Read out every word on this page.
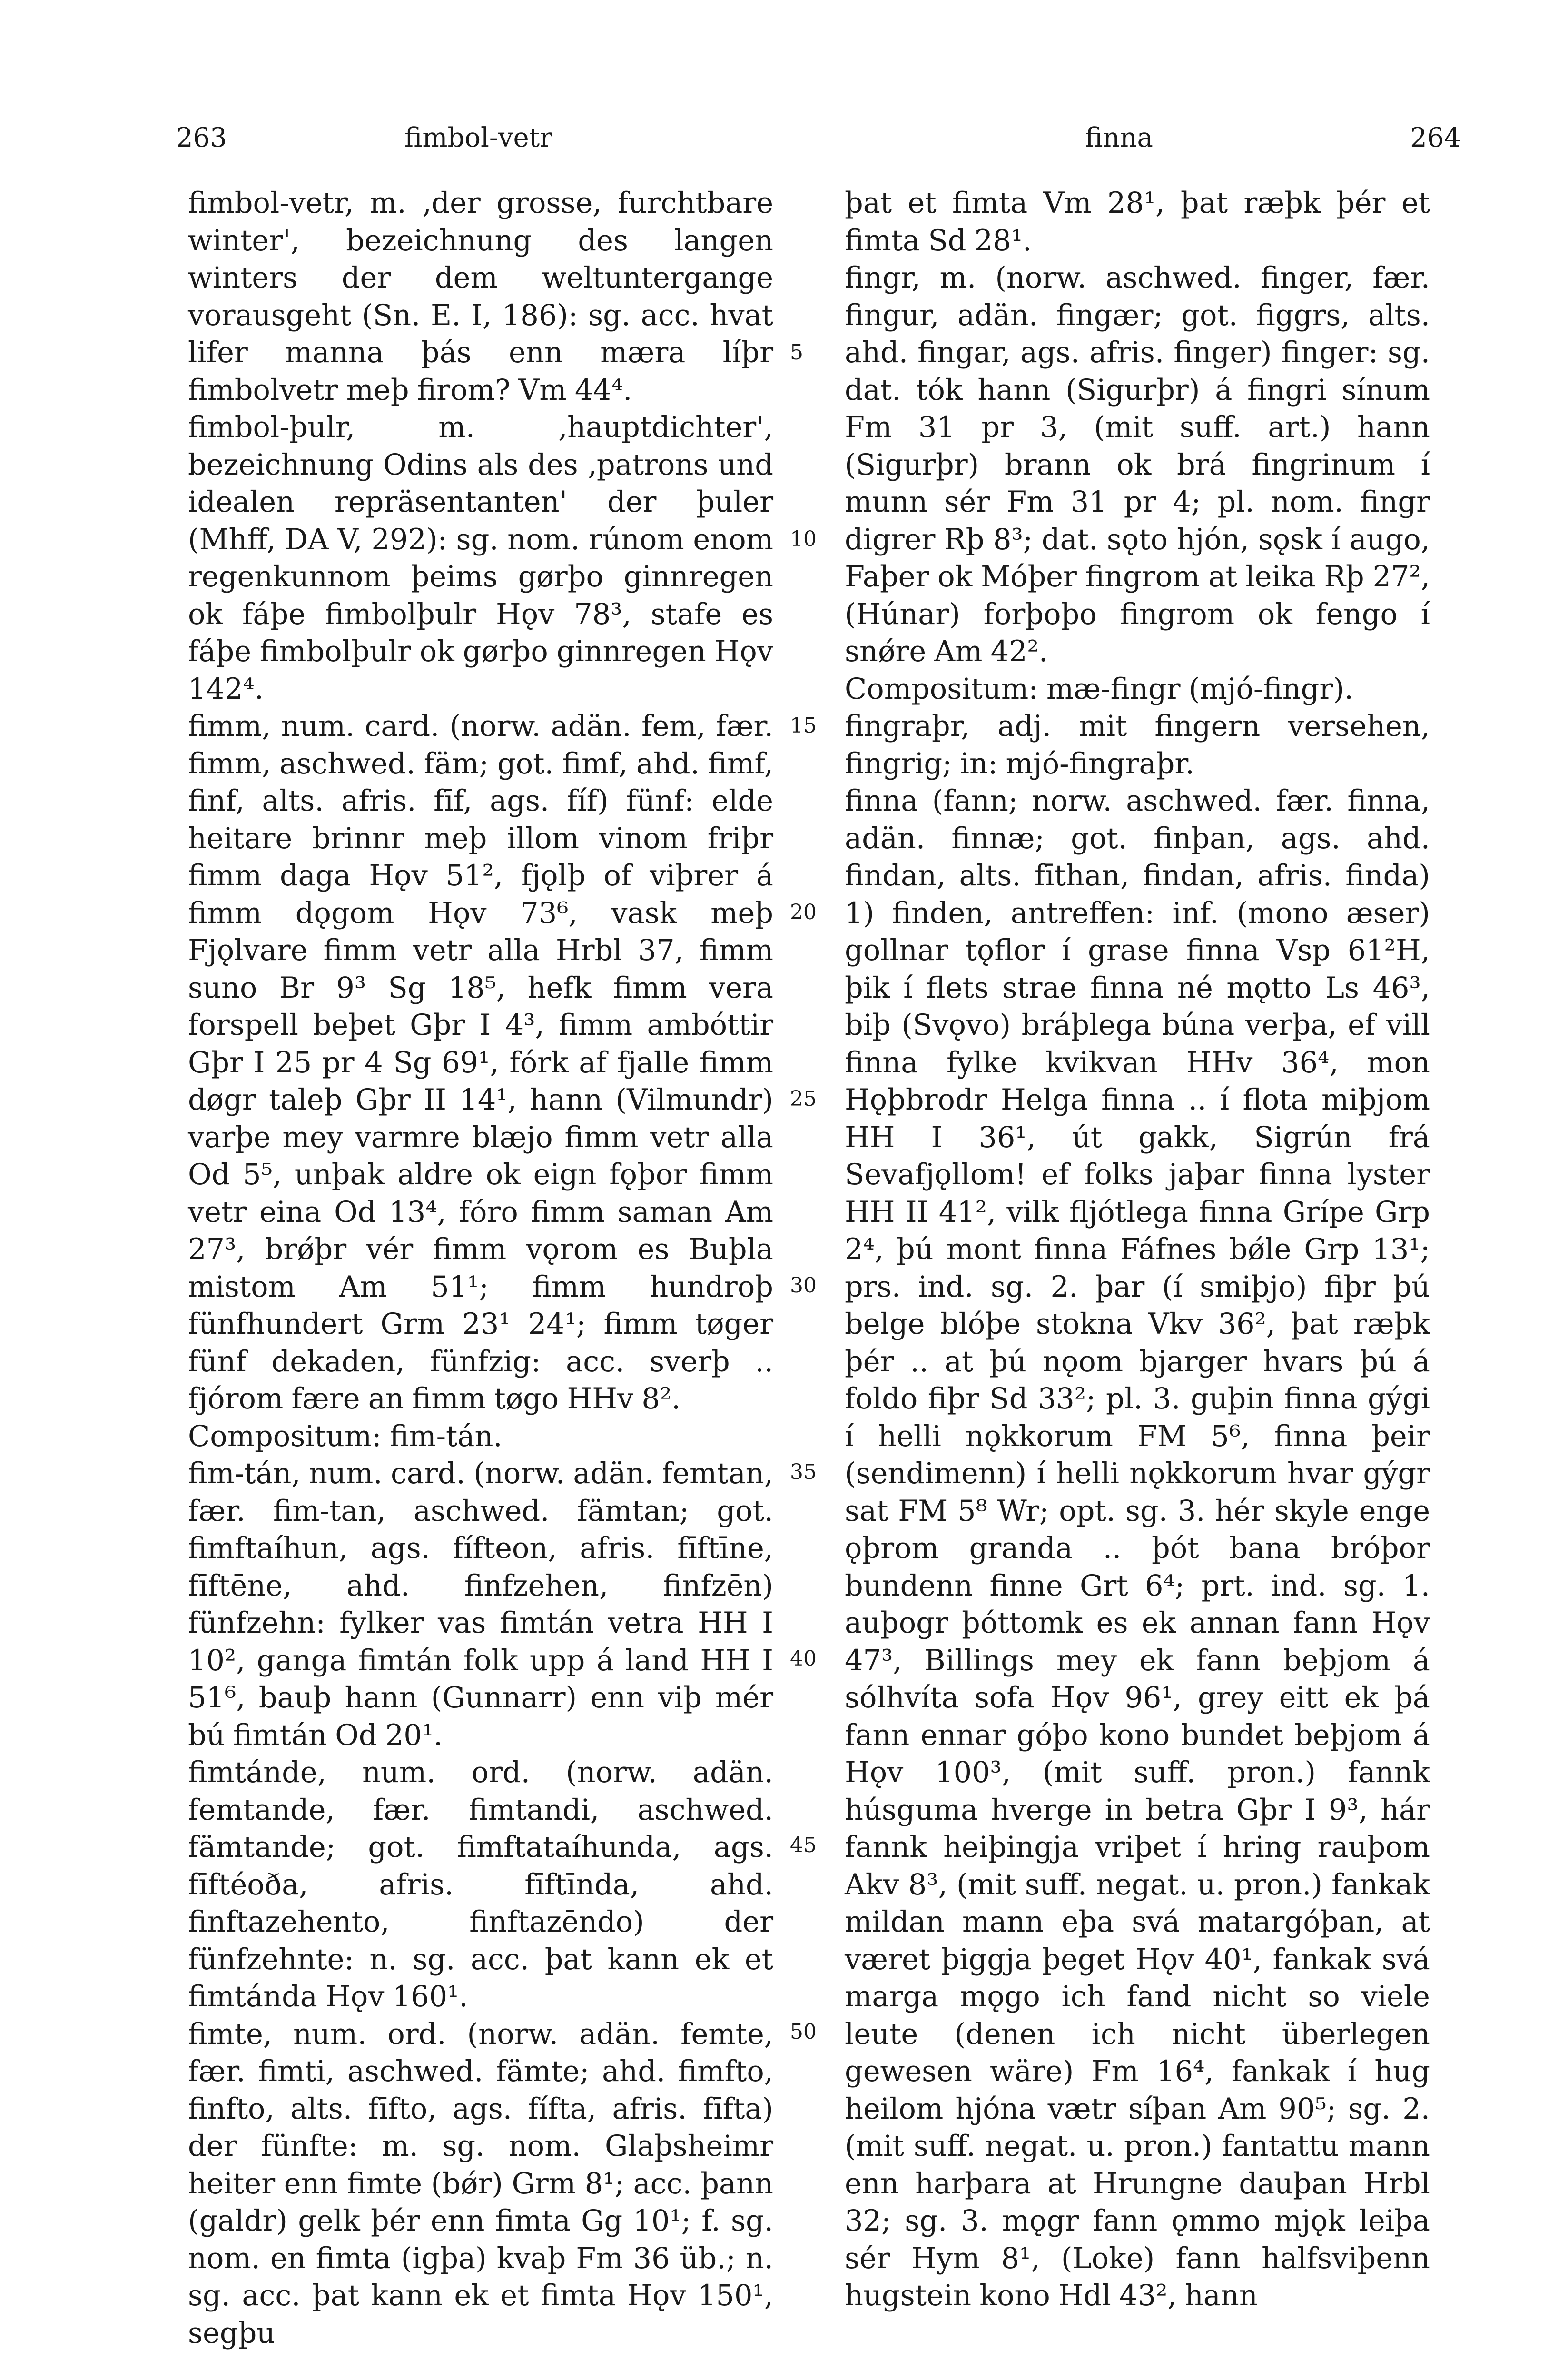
263	fimbol-vetr	finna	264

fimbol-vetr, m. ‚der grosse, furchtbare winter', bezeichnung des langen winters der dem weltuntergange vorausgeht (Sn. E. I, 186): sg. acc. hvat lifer manna þás enn mæra líþr fimbolvetr meþ firom? Vm 44⁴.

fimbol-þulr, m. ‚hauptdichter', bezeichnung Odins als des ‚patrons und idealen repräsentanten' der þuler (Mhff, DA V, 292): sg. nom. rúnom enom regenkunnom þeims gørþo ginnregen ok fáþe fimbolþulr Hǫv 78³, stafe es fáþe fimbolþulr ok gørþo ginnregen Hǫv 142⁴.

fimm, num. card. (norw. adän. fem, fær. fimm, aschwed. fäm; got. fimf, ahd. fimf, finf, alts. afris. fīf, ags. fíf) fünf: elde heitare brinnr meþ illom vinom friþr fimm daga Hǫv 51², fjǫlþ of viþrer á fimm dǫgom Hǫv 73⁶, vask meþ Fjǫlvare fimm vetr alla Hrbl 37, fimm suno Br 9³ Sg 18⁵, hefk fimm vera forspell beþet Gþr I 4³, fimm ambóttir Gþr I 25 pr 4 Sg 69¹, fórk af fjalle fimm døgr taleþ Gþr II 14¹, hann (Vilmundr) varþe mey varmre blæjo fimm vetr alla Od 5⁵, unþak aldre ok eign fǫþor fimm vetr eina Od 13⁴, fóro fimm saman Am 27³, brǿþr vér fimm vǫrom es Buþla mistom Am 51¹; fimm hundroþ fünfhundert Grm 23¹ 24¹; fimm tøger fünf dekaden, fünfzig: acc. sverþ .. fjórom fære an fimm tøgo HHv 8².

Compositum: fim-tán.

fim-tán, num. card. (norw. adän. femtan, fær. fim-tan, aschwed. fämtan; got. fimftaíhun, ags. fífteon, afris. fīftīne, fīftēne, ahd. finfzehen, finfzēn) fünfzehn: fylker vas fimtán vetra HH I 10², ganga fimtán folk upp á land HH I 51⁶, bauþ hann (Gunnarr) enn viþ mér bú fimtán Od 20¹.

fimtánde, num. ord. (norw. adän. femtande, fær. fimtandi, aschwed. fämtande; got. fimftataíhunda, ags. fīftéoða, afris. fīftīnda, ahd. finftazehento, finftazēndo) der fünfzehnte: n. sg. acc. þat kann ek et fimtánda Hǫv 160¹.

fimte, num. ord. (norw. adän. femte, fær. fimti, aschwed. fämte; ahd. fimfto, finfto, alts. fīfto, ags. fífta, afris. fīfta) der fünfte: m. sg. nom. Glaþsheimr heiter enn fimte (bǿr) Grm 8¹; acc. þann (galdr) gelk þér enn fimta Gg 10¹; f. sg. nom. en fimta (igþa) kvaþ Fm 36 üb.; n. sg. acc. þat kann ek et fimta Hǫv 150¹, segþu

5
10
15
20
25
30
35
40
45
50

þat et fimta Vm 28¹, þat ræþk þér et fimta Sd 28¹.

fingr, m. (norw. aschwed. finger, fær. fingur, adän. fingær; got. figgrs, alts. ahd. fingar, ags. afris. finger) finger: sg. dat. tók hann (Sigurþr) á fingri sínum Fm 31 pr 3, (mit suff. art.) hann (Sigurþr) brann ok brá fingrinum í munn sér Fm 31 pr 4; pl. nom. fingr digrer Rþ 8³; dat. sǫto hjón, sǫsk í augo, Faþer ok Móþer fingrom at leika Rþ 27², (Húnar) forþoþo fingrom ok fengo í snǿre Am 42².

Compositum: mæ-fingr (mjó-fingr).

fingraþr, adj. mit fingern versehen, fingrig; in: mjó-fingraþr.

finna (fann; norw. aschwed. fær. finna, adän. finnæ; got. finþan, ags. ahd. findan, alts. fīthan, findan, afris. finda) 1) finden, antreffen: inf. (mono æser) gollnar tǫflor í grase finna Vsp 61²H, þik í flets strae finna né mǫtto Ls 46³, biþ (Svǫvo) bráþlega búna verþa, ef vill finna fylke kvikvan HHv 36⁴, mon Hǫþbrodr Helga finna .. í flota miþjom HH I 36¹, út gakk, Sigrún frá Sevafjǫllom! ef folks jaþar finna lyster HH II 41², vilk fljótlega finna Grípe Grp 2⁴, þú mont finna Fáfnes bǿle Grp 13¹; prs. ind. sg. 2. þar (í smiþjo) fiþr þú belge blóþe stokna Vkv 36², þat ræþk þér .. at þú nǫom bjarger hvars þú á foldo fiþr Sd 33²; pl. 3. guþin finna gýgi í helli nǫkkorum FM 5⁶, finna þeir (sendimenn) í helli nǫkkorum hvar gýgr sat FM 5⁸ Wr; opt. sg. 3. hér skyle enge ǫþrom granda .. þót bana bróþor bundenn finne Grt 6⁴; prt. ind. sg. 1. auþogr þóttomk es ek annan fann Hǫv 47³, Billings mey ek fann beþjom á sólhvíta sofa Hǫv 96¹, grey eitt ek þá fann ennar góþo kono bundet beþjom á Hǫv 100³, (mit suff. pron.) fannk húsguma hverge in betra Gþr I 9³, hár fannk heiþingja vriþet í hring rauþom Akv 8³, (mit suff. negat. u. pron.) fankak mildan mann eþa svá matargóþan, at været þiggja þeget Hǫv 40¹, fankak svá marga mǫgo ich fand nicht so viele leute (denen ich nicht überlegen gewesen wäre) Fm 16⁴, fankak í hug heilom hjóna vætr síþan Am 90⁵; sg. 2. (mit suff. negat. u. pron.) fantattu mann enn harþara at Hrungne dauþan Hrbl 32; sg. 3. mǫgr fann ǫmmo mjǫk leiþa sér Hym 8¹, (Loke) fann halfsviþenn hugstein kono Hdl 43², hann
